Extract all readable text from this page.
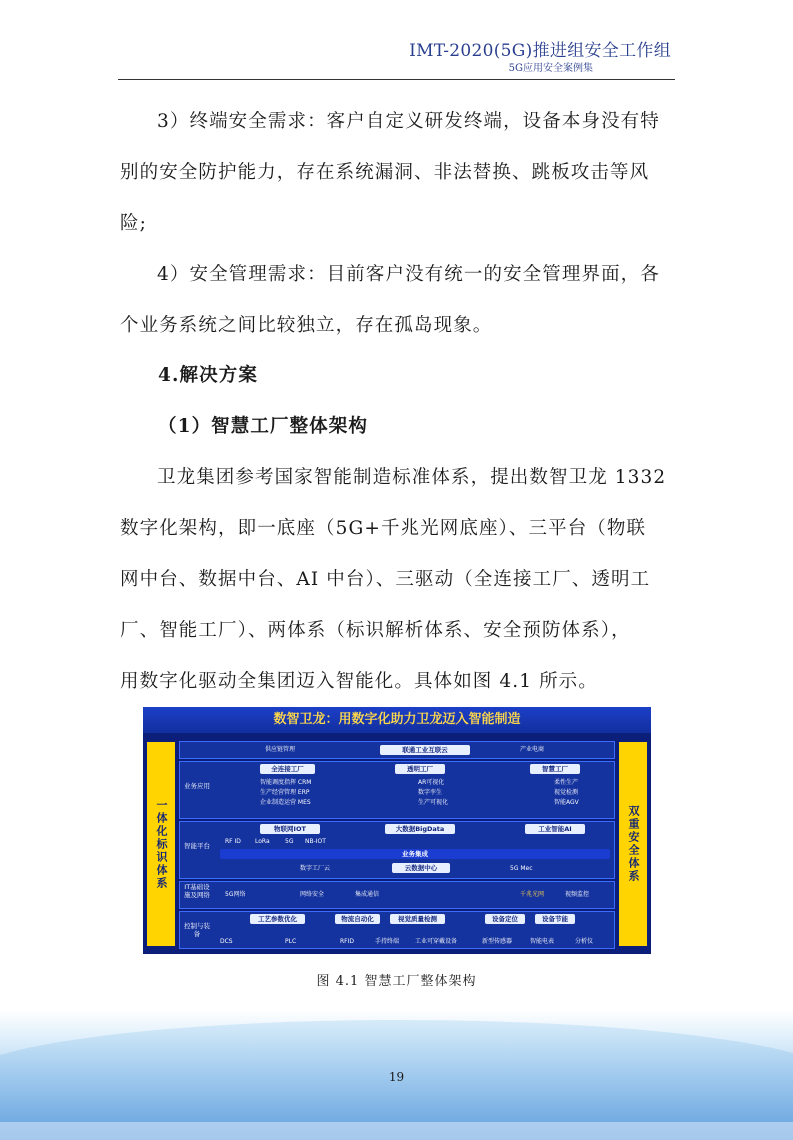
IMT-2020(5G)推进组安全工作组
5G应用安全案例集
3）终端安全需求：客户自定义研发终端，设备本身没有特
别的安全防护能力，存在系统漏洞、非法替换、跳板攻击等风
险;
4）安全管理需求：目前客户没有统一的安全管理界面，各
个业务系统之间比较独立，存在孤岛现象。
4.解决方案
（1）智慧工厂整体架构
卫龙集团参考国家智能制造标准体系，提出数智卫龙 1332
数字化架构，即一底座（5G+千兆光网底座）、三平台（物联
网中台、数据中台、AI 中台）、三驱动（全连接工厂、透明工
厂、智能工厂）、两体系（标识解析体系、安全预防体系），
用数字化驱动全集团迈入智能化。具体如图 4.1 所示。
数智卫龙：用数字化助力卫龙迈入智能制造
一体化标识体系	双重安全体系
供应链管理	联通工业互联云	产业电商
业务应用
全连接工厂
智能调度指挥 CRM
生产经营管理 ERP
企业制造运营 MES
透明工厂
AR可视化
数字孪生
生产可视化
智慧工厂
柔性生产
视觉检测
智能AGV
智能平台
物联网IOT	大数据BigData	工业智能AI
RF ID LoRa	5G NB-IOT
业务集成
数字工厂云	云数据中心	5G Mec
IT基础设施及网络	5G网络	网络安全	集成通信	千兆光网	视频监控
控制与装备
工艺参数优化	物流自动化	视觉质量检测	设备定位	设备节能
DCS	PLC	RFID	手持终端	工业可穿戴设备	新型传感器	智能电表	分析仪
图 4.1 智慧工厂整体架构
19
